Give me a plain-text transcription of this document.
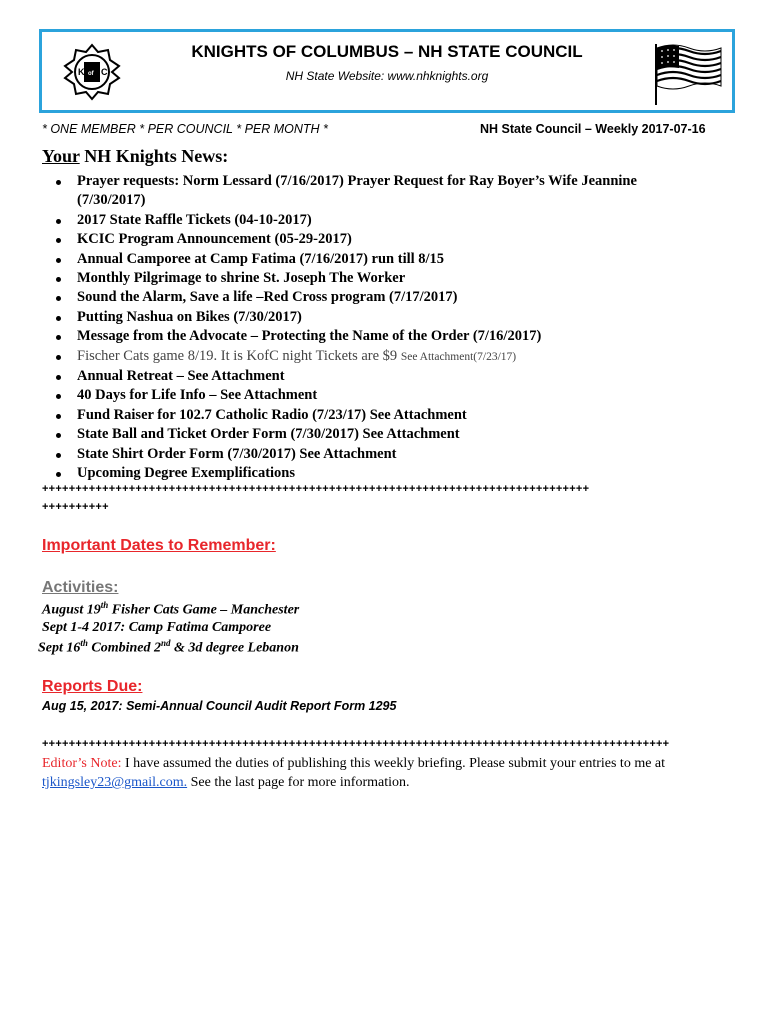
K of C
KNIGHTS OF COLUMBUS – NH STATE COUNCIL
NH State Website: www.nhknights.org
* ONE MEMBER * PER COUNCIL * PER MONTH *	NH State Council – Weekly 2017-07-16
Your NH Knights News:
Prayer requests: Norm Lessard (7/16/2017) Prayer Request for Ray Boyer’s Wife Jeannine (7/30/2017)
2017 State Raffle Tickets (04-10-2017)
KCIC Program Announcement (05-29-2017)
Annual Camporee at Camp Fatima (7/16/2017) run till 8/15
Monthly Pilgrimage to shrine St. Joseph The Worker
Sound the Alarm, Save a life –Red Cross program (7/17/2017)
Putting Nashua on Bikes (7/30/2017)
Message from the Advocate – Protecting the Name of the Order (7/16/2017)
Fischer Cats game 8/19. It is KofC night Tickets are $9 See Attachment(7/23/17)
Annual Retreat – See Attachment
40 Days for Life Info – See Attachment
Fund Raiser for 102.7 Catholic Radio (7/23/17) See Attachment
State Ball and Ticket Order Form (7/30/2017) See Attachment
State Shirt Order Form (7/30/2017) See Attachment
Upcoming Degree Exemplifications
++++++++++++++++++++++++++++++++++++++++++++++++++++++++++++++++++++++++++++++++++
++++++++++
Important Dates to Remember:
Activities:
August 19th Fisher Cats Game – Manchester
Sept 1-4 2017: Camp Fatima Camporee
Sept 16th Combined 2nd & 3d degree Lebanon
Reports Due:
Aug 15, 2017: Semi-Annual Council Audit Report Form 1295
++++++++++++++++++++++++++++++++++++++++++++++++++++++++++++++++++++++++++++++++++++++++++++++
Editor’s Note: I have assumed the duties of publishing this weekly briefing. Please submit your entries to me at tjkingsley23@gmail.com. See the last page for more information.
